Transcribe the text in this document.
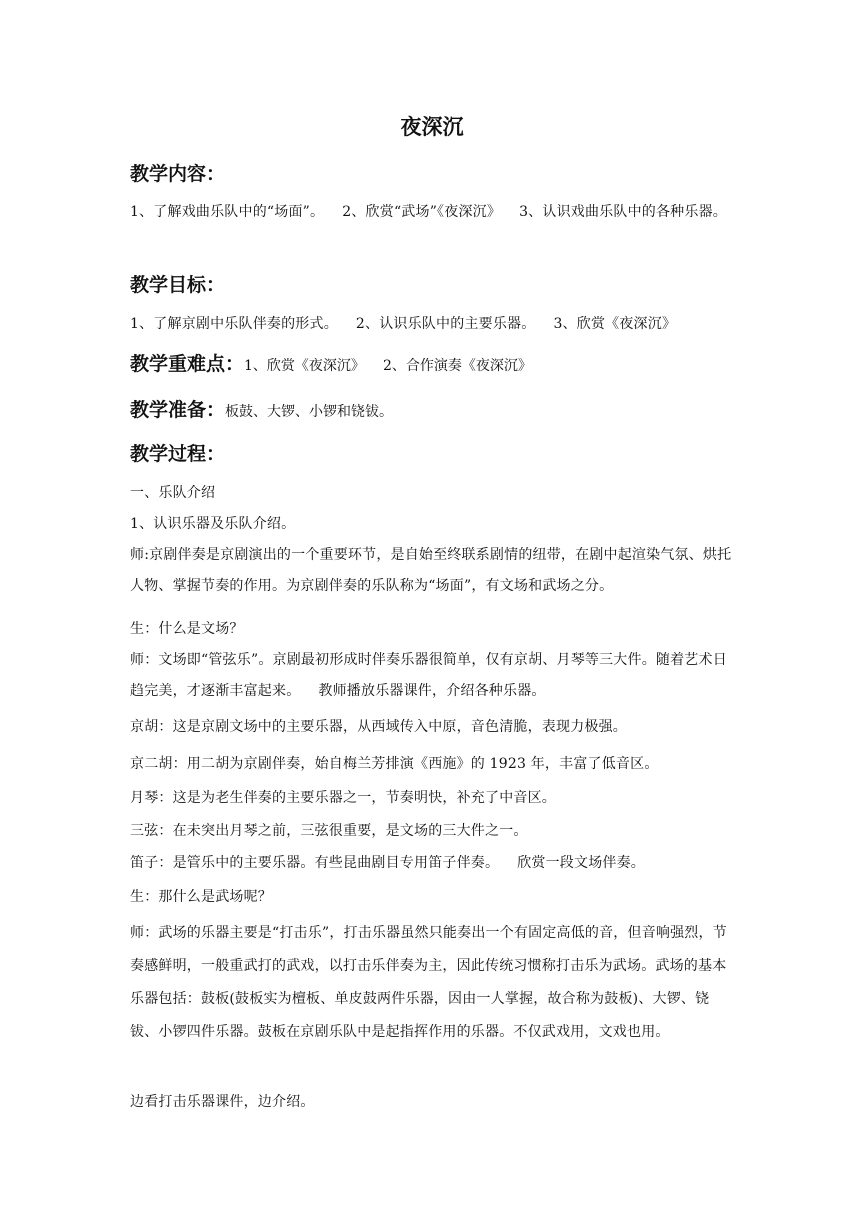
夜深沉
教学内容：
1、了解戏曲乐队中的“场面”。 2、欣赏“武场”《夜深沉》 3、认识戏曲乐队中的各种乐器。
教学目标：
1、了解京剧中乐队伴奏的形式。 2、认识乐队中的主要乐器。 3、欣赏《夜深沉》
教学重难点：1、欣赏《夜深沉》 2、合作演奏《夜深沉》
教学准备：板鼓、大锣、小锣和铙钹。
教学过程：
一、乐队介绍
1、认识乐器及乐队介绍。
师:京剧伴奏是京剧演出的一个重要环节，是自始至终联系剧情的纽带，在剧中起渲染气氛、烘托人物、掌握节奏的作用。为京剧伴奏的乐队称为“场面”，有文场和武场之分。
生：什么是文场？
师：文场即“管弦乐”。京剧最初形成时伴奏乐器很简单，仅有京胡、月琴等三大件。随着艺术日趋完美，才逐渐丰富起来。 教师播放乐器课件，介绍各种乐器。
京胡：这是京剧文场中的主要乐器，从西域传入中原，音色清脆，表现力极强。
京二胡：用二胡为京剧伴奏，始自梅兰芳排演《西施》的 1923 年，丰富了低音区。
月琴：这是为老生伴奏的主要乐器之一，节奏明快，补充了中音区。
三弦：在未突出月琴之前，三弦很重要，是文场的三大件之一。
笛子：是管乐中的主要乐器。有些昆曲剧目专用笛子伴奏。 欣赏一段文场伴奏。
生：那什么是武场呢？
师：武场的乐器主要是“打击乐”，打击乐器虽然只能奏出一个有固定高低的音，但音响强烈，节奏感鲜明，一般重武打的武戏，以打击乐伴奏为主，因此传统习惯称打击乐为武场。武场的基本乐器包括：鼓板(鼓板实为檀板、单皮鼓两件乐器，因由一人掌握，故合称为鼓板)、大锣、铙钹、小锣四件乐器。鼓板在京剧乐队中是起指挥作用的乐器。不仅武戏用，文戏也用。
边看打击乐器课件，边介绍。
